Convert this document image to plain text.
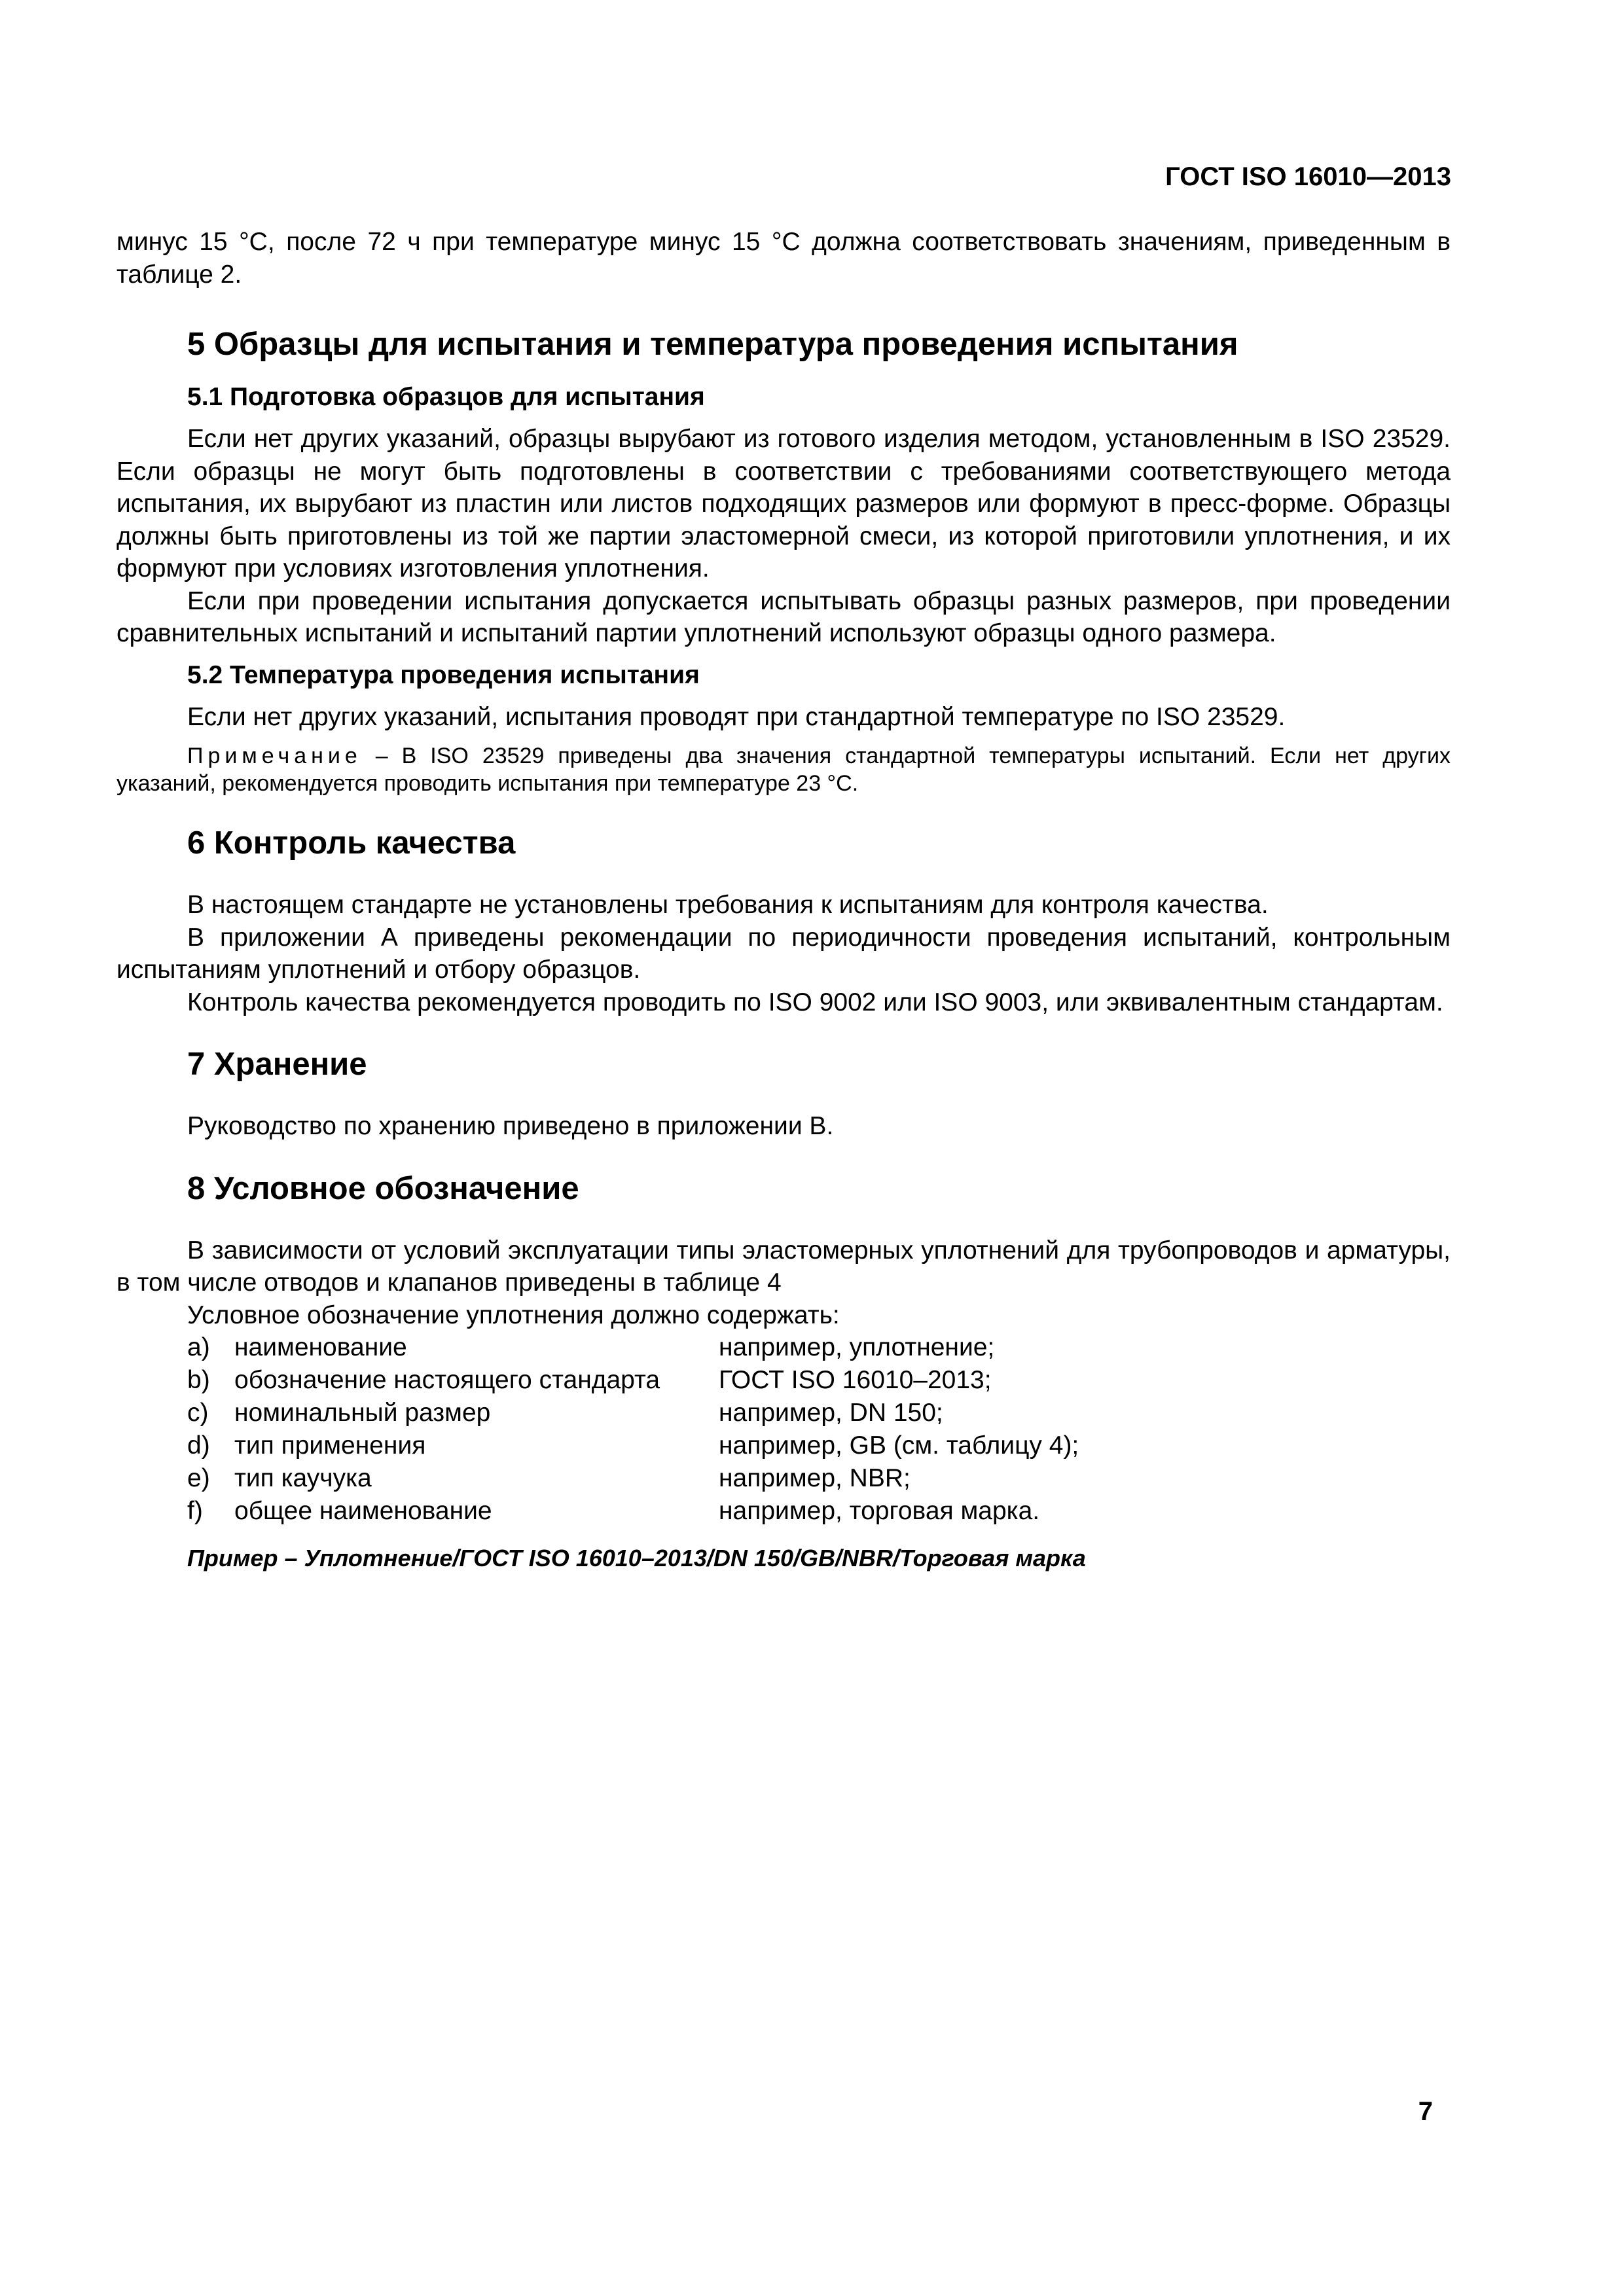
ГОСТ ISO 16010—2013

минус 15 °С, после 72 ч при температуре минус 15 °С должна соответствовать значениям, приведенным в таблице 2.

5 Образцы для испытания и температура проведения испытания
5.1 Подготовка образцов для испытания

Если нет других указаний, образцы вырубают из готового изделия методом, установленным в ISO 23529. Если образцы не могут быть подготовлены в соответствии с требованиями соответствующего метода испытания, их вырубают из пластин или листов подходящих размеров или формуют в пресс-форме. Образцы должны быть приготовлены из той же партии эластомерной смеси, из которой приготовили уплотнения, и их формуют при условиях изготовления уплотнения.

Если при проведении испытания допускается испытывать образцы разных размеров, при проведении сравнительных испытаний и испытаний партии уплотнений используют образцы одного размера.

5.2 Температура проведения испытания

Если нет других указаний, испытания проводят при стандартной температуре по ISO 23529.

Примечание – В ISO 23529 приведены два значения стандартной температуры испытаний. Если нет других указаний, рекомендуется проводить испытания при температуре 23 °С.

6 Контроль качества

В настоящем стандарте не установлены требования к испытаниям для контроля качества.

В приложении А приведены рекомендации по периодичности проведения испытаний, контрольным испытаниям уплотнений и отбору образцов.

Контроль качества рекомендуется проводить по ISO 9002 или ISO 9003, или эквивалентным стандартам.

7 Хранение

Руководство по хранению приведено в приложении В.

8 Условное обозначение

В зависимости от условий эксплуатации типы эластомерных уплотнений для трубопроводов и арматуры, в том числе отводов и клапанов приведены в таблице 4

Условное обозначение уплотнения должно содержать:

a) наименование	например, уплотнение;
b) обозначение настоящего стандарта	ГОСТ ISO 16010–2013;
c)	номинальный размер	например, DN 150;
d) тип применения	например, GB (см. таблицу 4);
e) тип каучука	например, NBR;
f)	общее наименование	например, торговая марка.

Пример – Уплотнение/ГОСТ ISO 16010–2013/DN 150/GB/NBR/Торговая марка

7
